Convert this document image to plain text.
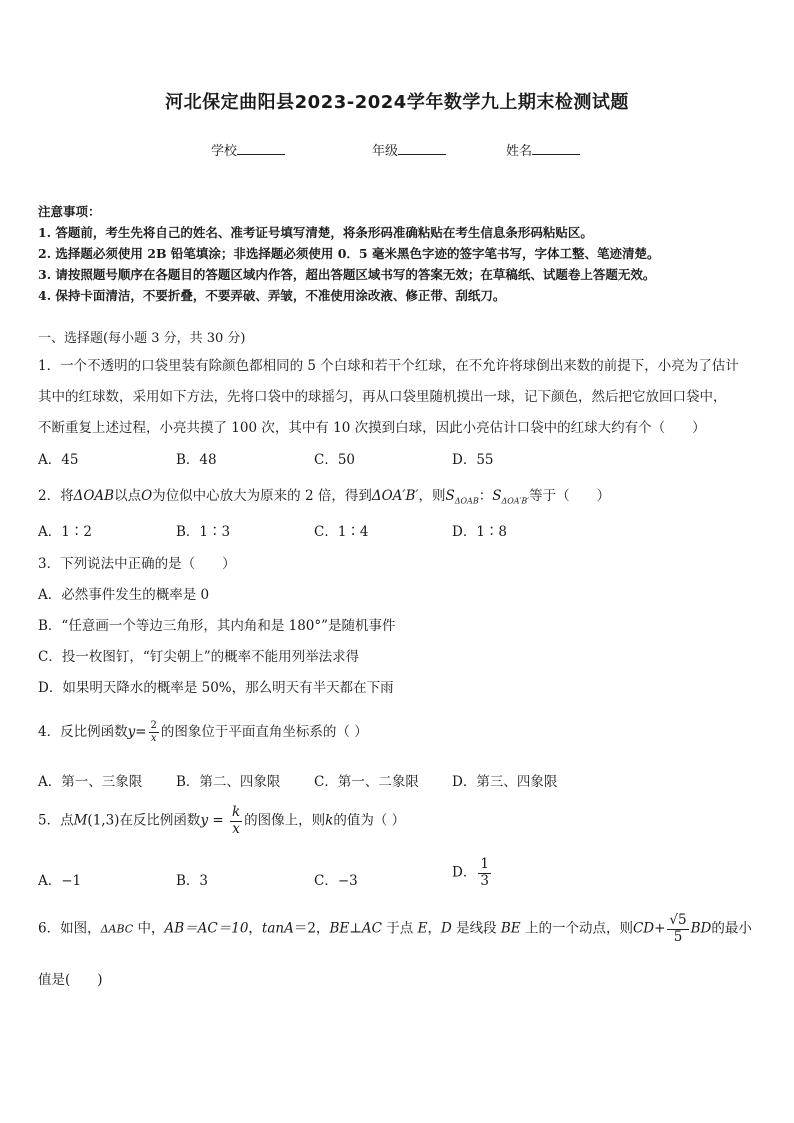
河北保定曲阳县2023-2024学年数学九上期末检测试题
学校	年级	姓名
注意事项：
1. 答题前，考生先将自己的姓名、准考证号填写清楚，将条形码准确粘贴在考生信息条形码粘贴区。
2. 选择题必须使用 2B 铅笔填涂；非选择题必须使用 0．5 毫米黑色字迹的签字笔书写，字体工整、笔迹清楚。
3. 请按照题号顺序在各题目的答题区域内作答，超出答题区域书写的答案无效；在草稿纸、试题卷上答题无效。
4. 保持卡面清洁，不要折叠，不要弄破、弄皱，不准使用涂改液、修正带、刮纸刀。
一、选择题(每小题 3 分，共 30 分)
1．一个不透明的口袋里装有除颜色都相同的 5 个白球和若干个红球，在不允许将球倒出来数的前提下，小亮为了估计
其中的红球数，采用如下方法，先将口袋中的球摇匀，再从口袋里随机摸出一球，记下颜色，然后把它放回口袋中，
不断重复上述过程，小亮共摸了 100 次，其中有 10 次摸到白球，因此小亮估计口袋中的红球大约有个（　　）
A．45	B．48	C．50	D．55
2．将ΔOAB以点O为位似中心放大为原来的 2 倍，得到ΔOA′B′，则$S_{\Delta OAB}$：$S_{\Delta OA'B'}$等于（　　）
A．1∶2	B．1∶3	C．1∶4	D．1∶8
3．下列说法中正确的是（　　）
A．必然事件发生的概率是 0
B．“任意画一个等边三角形，其内角和是 180°”是随机事件
C．投一枚图钉，“钉尖朝上”的概率不能用列举法求得
D．如果明天降水的概率是 50%，那么明天有半天都在下雨
4．反比例函数$y= \frac{2}{x}$ 的图象位于平面直角坐标系的（ ）
A．第一、三象限	B．第二、四象限 C．第一、二象限 D．第三、四象限
5．点M(1,3)在反比例函数$y = \frac{k}{x}$ 的图像上，则k的值为（ ）
A．−1	B．3	C．−3
D． $\frac{1}{3}$
6．如图，ΔABC 中，AB＝AC＝10，tanA＝2，BE⊥AC 于点 E，D 是线段 BE 上的一个动点，则$CD+ \frac{√5}{5}$ BD的最小
值是(　　)
